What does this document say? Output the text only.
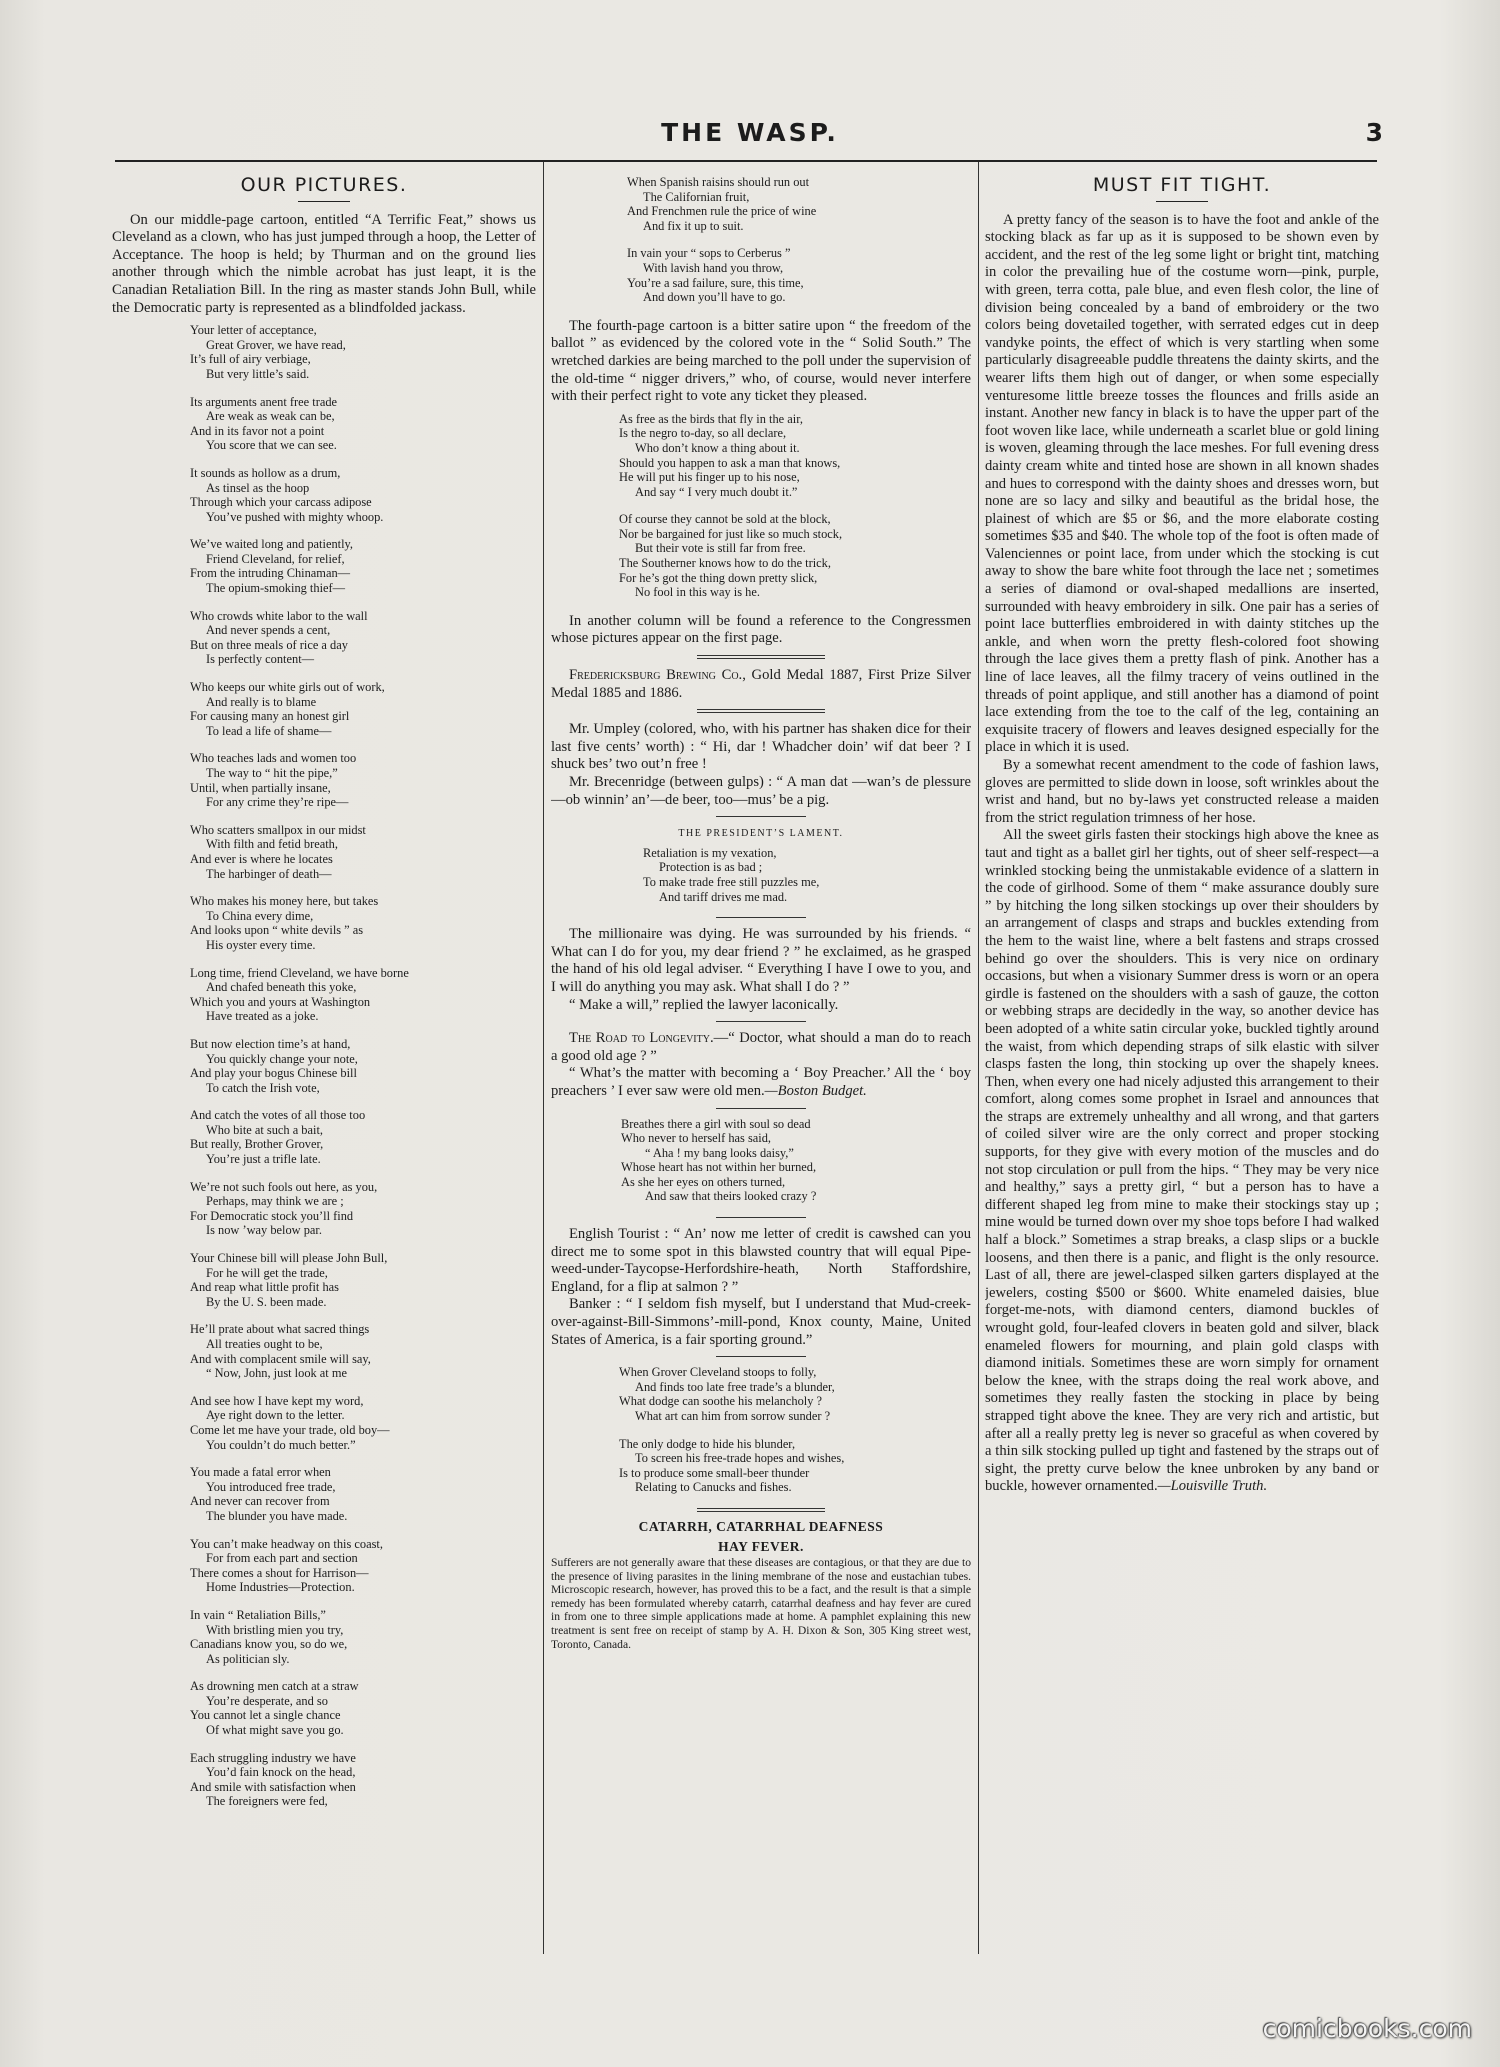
THE WASP.	3
OUR PICTURES.

On our middle-page cartoon, entitled “A Terrific Feat,” shows us Cleveland as a clown, who has just jumped through a hoop, the Letter of Acceptance. The hoop is held; by Thurman and on the ground lies another through which the nimble acrobat has just leapt, it is the Canadian Retaliation Bill. In the ring as master stands John Bull, while the Democratic party is represented as a blindfolded jackass.

Your letter of acceptance,
Great Grover, we have read,
It’s full of airy verbiage,
But very little’s said.
Its arguments anent free trade
Are weak as weak can be,
And in its favor not a point
You score that we can see.
It sounds as hollow as a drum,
As tinsel as the hoop
Through which your carcass adipose
You’ve pushed with mighty whoop.
We’ve waited long and patiently,
Friend Cleveland, for relief,
From the intruding Chinaman—
The opium-smoking thief—
Who crowds white labor to the wall
And never spends a cent,
But on three meals of rice a day
Is perfectly content—
Who keeps our white girls out of work,
And really is to blame
For causing many an honest girl
To lead a life of shame—
Who teaches lads and women too
The way to “ hit the pipe,”
Until, when partially insane,
For any crime they’re ripe—
Who scatters smallpox in our midst
With filth and fetid breath,
And ever is where he locates
The harbinger of death—
Who makes his money here, but takes
To China every dime,
And looks upon “ white devils ” as
His oyster every time.
Long time, friend Cleveland, we have borne
And chafed beneath this yoke,
Which you and yours at Washington
Have treated as a joke.
But now election time’s at hand,
You quickly change your note,
And play your bogus Chinese bill
To catch the Irish vote,
And catch the votes of all those too
Who bite at such a bait,
But really, Brother Grover,
You’re just a trifle late.
We’re not such fools out here, as you,
Perhaps, may think we are ;
For Democratic stock you’ll find
Is now ’way below par.
Your Chinese bill will please John Bull,
For he will get the trade,
And reap what little profit has
By the U. S. been made.
He’ll prate about what sacred things
All treaties ought to be,
And with complacent smile will say,
“ Now, John, just look at me
And see how I have kept my word,
Aye right down to the letter.
Come let me have your trade, old boy—
You couldn’t do much better.”
You made a fatal error when
You introduced free trade,
And never can recover from
The blunder you have made.
You can’t make headway on this coast,
For from each part and section
There comes a shout for Harrison—
Home Industries—Protection.
In vain “ Retaliation Bills,”
With bristling mien you try,
Canadians know you, so do we,
As politician sly.
As drowning men catch at a straw
You’re desperate, and so
You cannot let a single chance
Of what might save you go.
Each struggling industry we have
You’d fain knock on the head,
And smile with satisfaction when
The foreigners were fed,
When Spanish raisins should run out
The Californian fruit,
And Frenchmen rule the price of wine
And fix it up to suit.
In vain your “ sops to Cerberus ”
With lavish hand you throw,
You’re a sad failure, sure, this time,
And down you’ll have to go.

The fourth-page cartoon is a bitter satire upon “ the freedom of the ballot ” as evidenced by the colored vote in the “ Solid South.” The wretched darkies are being marched to the poll under the supervision of the old-time “ nigger drivers,” who, of course, would never interfere with their perfect right to vote any ticket they pleased.

As free as the birds that fly in the air,
Is the negro to-day, so all declare,
Who don’t know a thing about it.
Should you happen to ask a man that knows,
He will put his finger up to his nose,
And say “ I very much doubt it.”
Of course they cannot be sold at the block,
Nor be bargained for just like so much stock,
But their vote is still far from free.
The Southerner knows how to do the trick,
For he’s got the thing down pretty slick,
No fool in this way is he.

In another column will be found a reference to the Congressmen whose pictures appear on the first page.

Fredericksburg Brewing Co., Gold Medal 1887, First Prize Silver Medal 1885 and 1886.

Mr. Umpley (colored, who, with his partner has shaken dice for their last five cents’ worth) : “ Hi, dar ! Whadcher doin’ wif dat beer ? I shuck bes’ two out’n free !

Mr. Brecenridge (between gulps) : “ A man dat —wan’s de plessure—ob winnin’ an’—de beer, too—mus’ be a pig.

THE PRESIDENT’S LAMENT.
Retaliation is my vexation,
Protection is as bad ;
To make trade free still puzzles me,
And tariff drives me mad.

The millionaire was dying. He was surrounded by his friends. “ What can I do for you, my dear friend ? ” he exclaimed, as he grasped the hand of his old legal adviser. “ Everything I have I owe to you, and I will do anything you may ask. What shall I do ? ”

“ Make a will,” replied the lawyer laconically.

The Road to Longevity.—“ Doctor, what should a man do to reach a good old age ? ”

“ What’s the matter with becoming a ‘ Boy Preacher.’ All the ‘ boy preachers ’ I ever saw were old men.—Boston Budget.

Breathes there a girl with soul so dead
Who never to herself has said,
“ Aha ! my bang looks daisy,”
Whose heart has not within her burned,
As she her eyes on others turned,
And saw that theirs looked crazy ?

English Tourist : “ An’ now me letter of credit is cawshed can you direct me to some spot in this blawsted country that will equal Pipe-weed-under-Taycopse-Herfordshire-heath, North Staffordshire, England, for a flip at salmon ? ”

Banker : “ I seldom fish myself, but I understand that Mud-creek-over-against-Bill-Simmons’-mill-pond, Knox county, Maine, United States of America, is a fair sporting ground.”

When Grover Cleveland stoops to folly,
And finds too late free trade’s a blunder,
What dodge can soothe his melancholy ?
What art can him from sorrow sunder ?
The only dodge to hide his blunder,
To screen his free-trade hopes and wishes,
Is to produce some small-beer thunder
Relating to Canucks and fishes.
CATARRH, CATARRHAL DEAFNESS
HAY FEVER.
Sufferers are not generally aware that these diseases are contagious, or that they are due to the presence of living parasites in the lining membrane of the nose and eustachian tubes. Microscopic research, however, has proved this to be a fact, and the result is that a simple remedy has been formulated whereby catarrh, catarrhal deafness and hay fever are cured in from one to three simple applications made at home. A pamphlet explaining this new treatment is sent free on receipt of stamp by A. H. Dixon & Son, 305 King street west, Toronto, Canada.
MUST FIT TIGHT.

A pretty fancy of the season is to have the foot and ankle of the stocking black as far up as it is supposed to be shown even by accident, and the rest of the leg some light or bright tint, matching in color the prevailing hue of the costume worn—pink, purple, with green, terra cotta, pale blue, and even flesh color, the line of division being concealed by a band of embroidery or the two colors being dovetailed together, with serrated edges cut in deep vandyke points, the effect of which is very startling when some particularly disagreeable puddle threatens the dainty skirts, and the wearer lifts them high out of danger, or when some especially venturesome little breeze tosses the flounces and frills aside an instant. Another new fancy in black is to have the upper part of the foot woven like lace, while underneath a scarlet blue or gold lining is woven, gleaming through the lace meshes. For full evening dress dainty cream white and tinted hose are shown in all known shades and hues to correspond with the dainty shoes and dresses worn, but none are so lacy and silky and beautiful as the bridal hose, the plainest of which are $5 or $6, and the more elaborate costing sometimes $35 and $40. The whole top of the foot is often made of Valenciennes or point lace, from under which the stocking is cut away to show the bare white foot through the lace net ; sometimes a series of diamond or oval-shaped medallions are inserted, surrounded with heavy embroidery in silk. One pair has a series of point lace butterflies embroidered in with dainty stitches up the ankle, and when worn the pretty flesh-colored foot showing through the lace gives them a pretty flash of pink. Another has a line of lace leaves, all the filmy tracery of veins outlined in the threads of point applique, and still another has a diamond of point lace extending from the toe to the calf of the leg, containing an exquisite tracery of flowers and leaves designed especially for the place in which it is used.

By a somewhat recent amendment to the code of fashion laws, gloves are permitted to slide down in loose, soft wrinkles about the wrist and hand, but no by-laws yet constructed release a maiden from the strict regulation trimness of her hose.

All the sweet girls fasten their stockings high above the knee as taut and tight as a ballet girl her tights, out of sheer self-respect—a wrinkled stocking being the unmistakable evidence of a slattern in the code of girlhood. Some of them “ make assurance doubly sure ” by hitching the long silken stockings up over their shoulders by an arrangement of clasps and straps and buckles extending from the hem to the waist line, where a belt fastens and straps crossed behind go over the shoulders. This is very nice on ordinary occasions, but when a visionary Summer dress is worn or an opera girdle is fastened on the shoulders with a sash of gauze, the cotton or webbing straps are decidedly in the way, so another device has been adopted of a white satin circular yoke, buckled tightly around the waist, from which depending straps of silk elastic with silver clasps fasten the long, thin stocking up over the shapely knees. Then, when every one had nicely adjusted this arrangement to their comfort, along comes some prophet in Israel and announces that the straps are extremely unhealthy and all wrong, and that garters of coiled silver wire are the only correct and proper stocking supports, for they give with every motion of the muscles and do not stop circulation or pull from the hips. “ They may be very nice and healthy,” says a pretty girl, “ but a person has to have a different shaped leg from mine to make their stockings stay up ; mine would be turned down over my shoe tops before I had walked half a block.” Sometimes a strap breaks, a clasp slips or a buckle loosens, and then there is a panic, and flight is the only resource. Last of all, there are jewel-clasped silken garters displayed at the jewelers, costing $500 or $600. White enameled daisies, blue forget-me-nots, with diamond centers, diamond buckles of wrought gold, four-leafed clovers in beaten gold and silver, black enameled flowers for mourning, and plain gold clasps with diamond initials. Sometimes these are worn simply for ornament below the knee, with the straps doing the real work above, and sometimes they really fasten the stocking in place by being strapped tight above the knee. They are very rich and artistic, but after all a really pretty leg is never so graceful as when covered by a thin silk stocking pulled up tight and fastened by the straps out of sight, the pretty curve below the knee unbroken by any band or buckle, however ornamented.—Louisville Truth.

comicbooks.com
